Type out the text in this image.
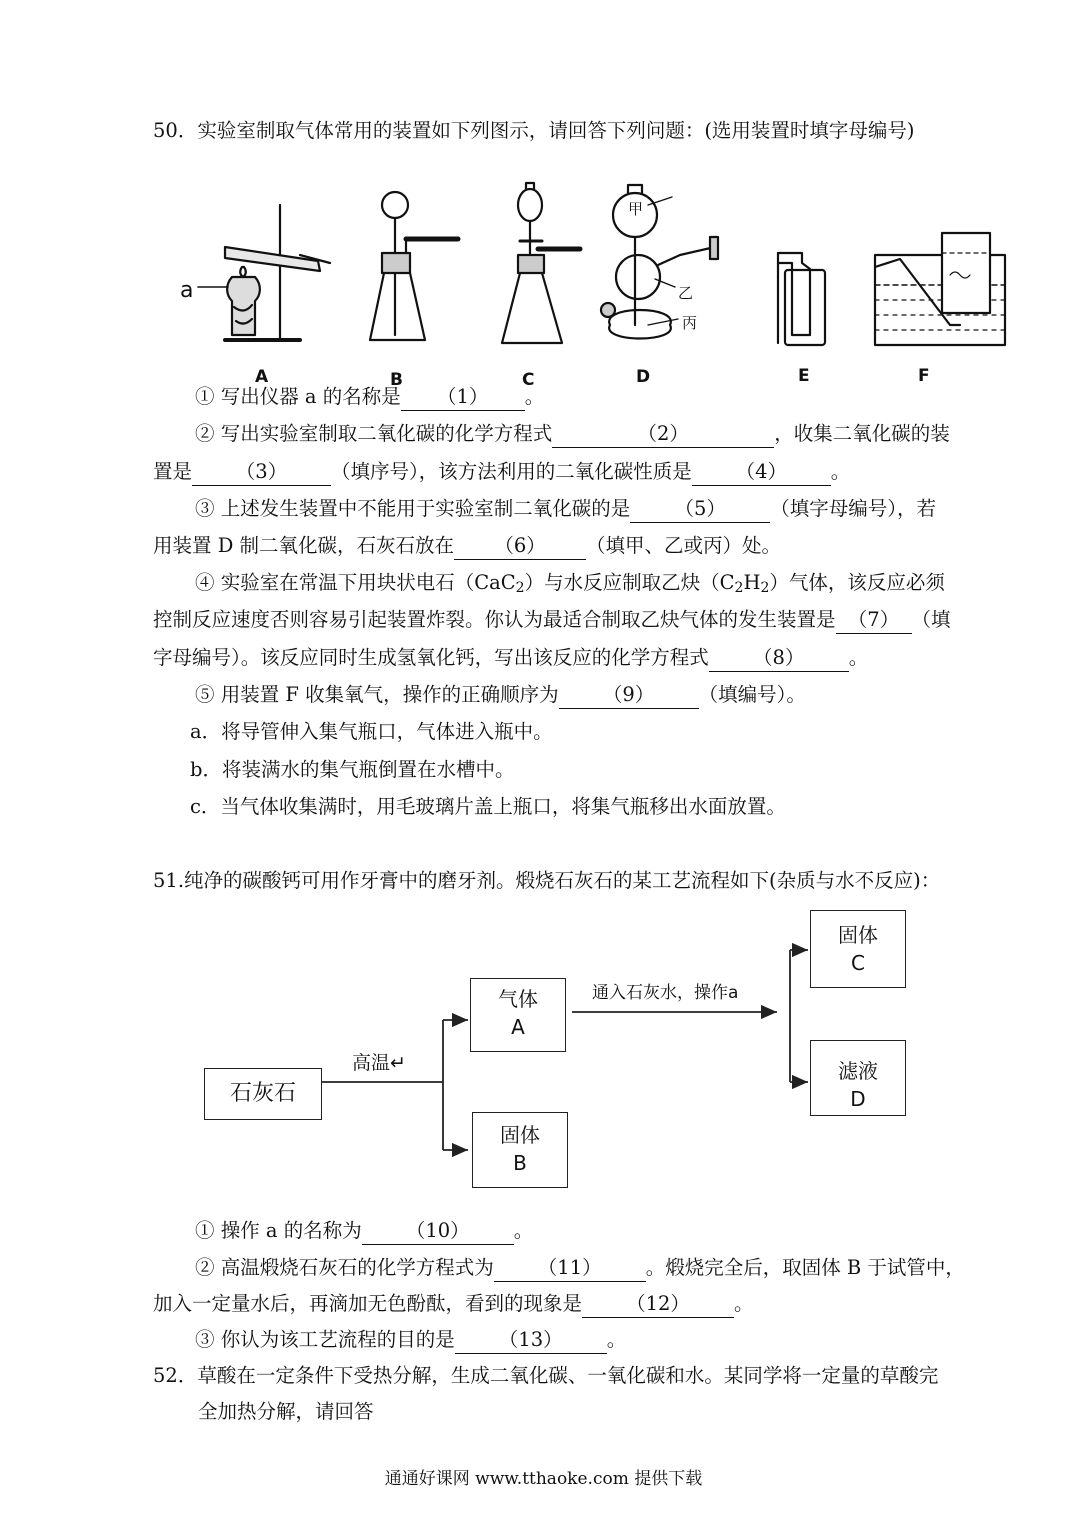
50．实验室制取气体常用的装置如下列图示，请回答下列问题：(选用装置时填字母编号)
a
甲
乙
丙
A	B	C	D	E	F
① 写出仪器 a 的名称是 （1） 。
② 写出实验室制取二氧化碳的化学方程式	（2）	，收集二氧化碳的装
置是 （3） （填序号），该方法利用的二氧化碳性质是 （4） 。
③ 上述发生装置中不能用于实验室制二氧化碳的是 （5） （填字母编号），若
用装置 D 制二氧化碳，石灰石放在 （6） （填甲、乙或丙）处。
④ 实验室在常温下用块状电石（CaC$_2$）与水反应制取乙炔$(C_2H_2)$气体，该反应必须
控制反应速度否则容易引起装置炸裂。你认为最适合制取乙炔气体的发生装置是 （7） （填
字母编号）。该反应同时生成氢氧化钙，写出该反应的化学方程式 （8） 。
⑤ 用装置 F 收集氧气，操作的正确顺序为 （9） （填编号）。
a．将导管伸入集气瓶口，气体进入瓶中。
b．将装满水的集气瓶倒置在水槽中。
c．当气体收集满时，用毛玻璃片盖上瓶口，将集气瓶移出水面放置。
51.纯净的碳酸钙可用作牙膏中的磨牙剂。煅烧石灰石的某工艺流程如下(杂质与水不反应)：
石灰石
高温↵
气体
A
固体
B
通入石灰水，操作a
固体
C
滤液
D
① 操作 a 的名称为 （10） 。
② 高温煅烧石灰石的化学方程式为 （11） 。煅烧完全后，取固体 B 于试管中，
加入一定量水后，再滴加无色酚酞，看到的现象是 （12） 。
③ 你认为该工艺流程的目的是 （13） 。
52．草酸在一定条件下受热分解，生成二氧化碳、一氧化碳和水。某同学将一定量的草酸完
全加热分解，请回答
通通好课网 www.tthaoke.com 提供下载
